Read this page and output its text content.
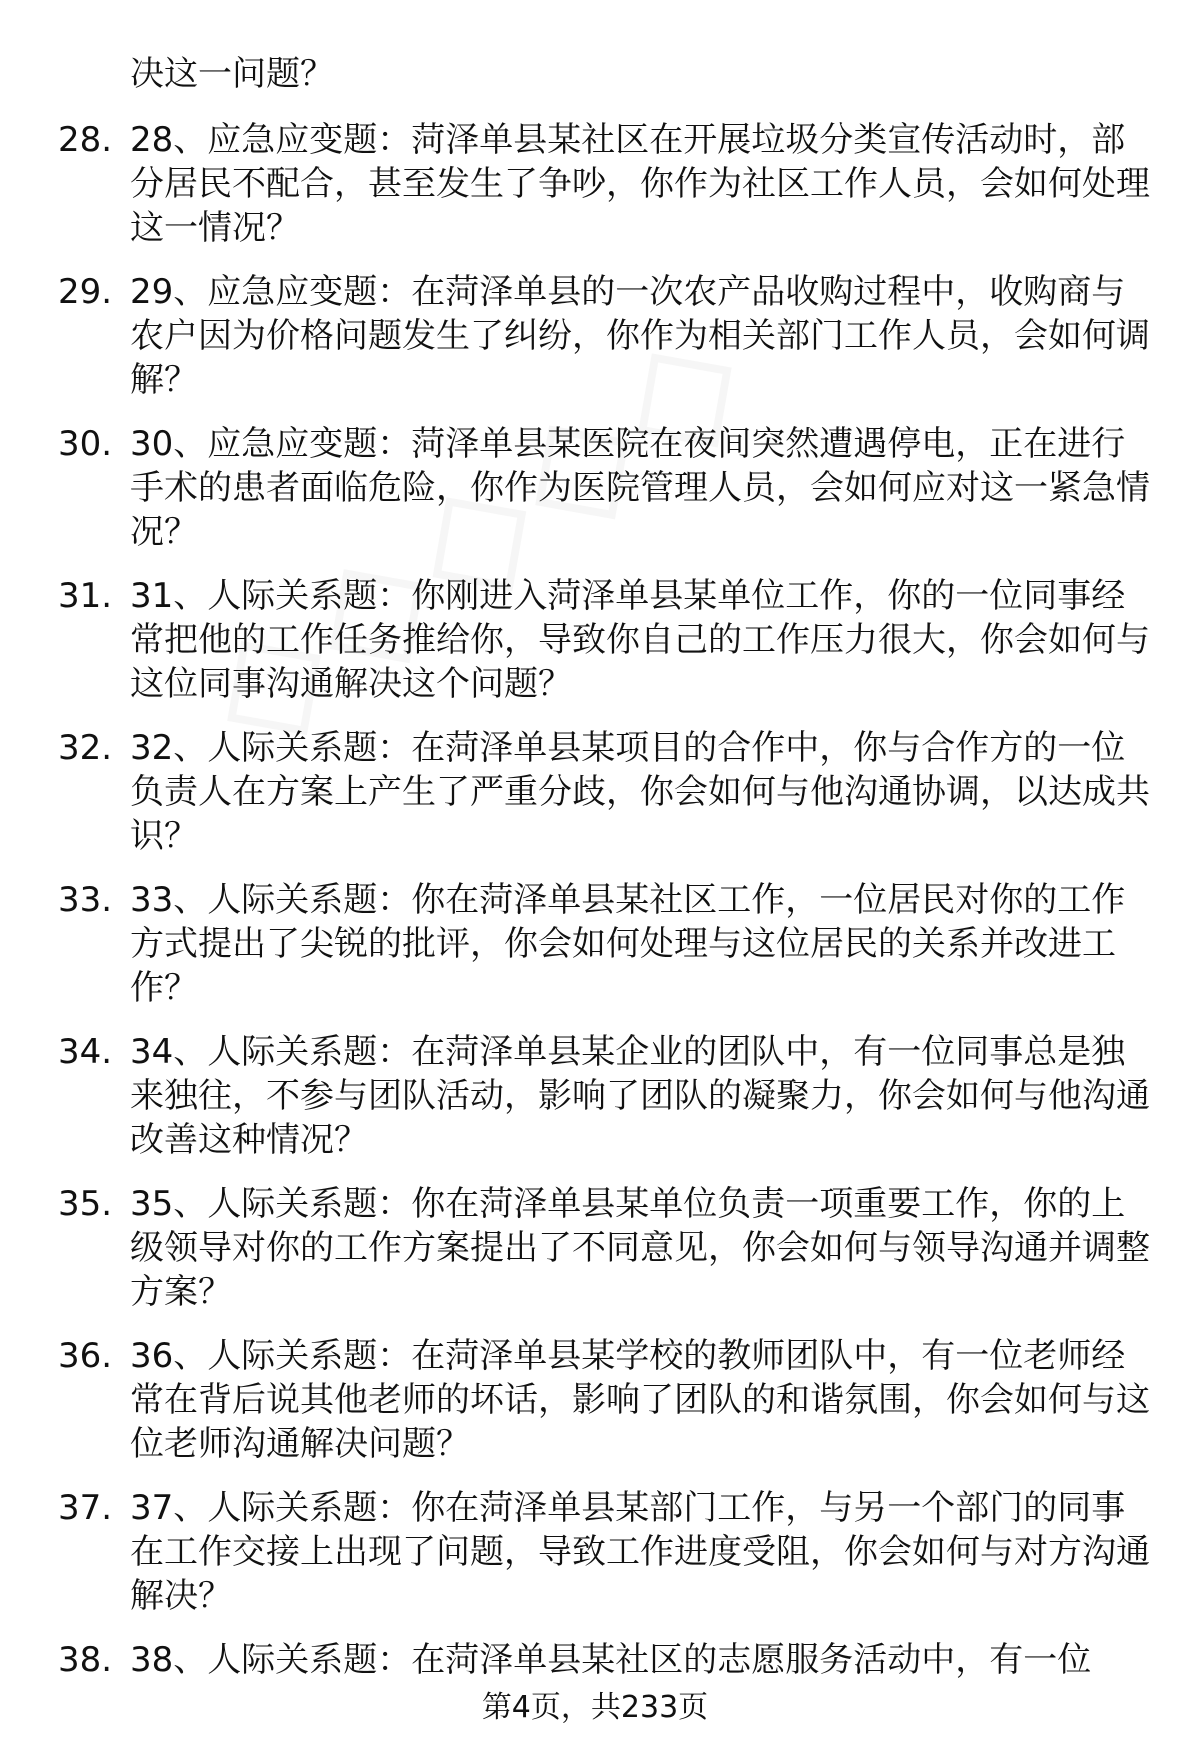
决这一问题？

28. 28、应急应变题：菏泽单县某社区在开展垃圾分类宣传活动时，部分居民不配合，甚至发生了争吵，你作为社区工作人员，会如何处理这一情况？
29. 29、应急应变题：在菏泽单县的一次农产品收购过程中，收购商与农户因为价格问题发生了纠纷，你作为相关部门工作人员，会如何调解？
30. 30、应急应变题：菏泽单县某医院在夜间突然遭遇停电，正在进行手术的患者面临危险，你作为医院管理人员，会如何应对这一紧急情况？
31. 31、人际关系题：你刚进入菏泽单县某单位工作，你的一位同事经常把他的工作任务推给你，导致你自己的工作压力很大，你会如何与这位同事沟通解决这个问题？
32. 32、人际关系题：在菏泽单县某项目的合作中，你与合作方的一位负责人在方案上产生了严重分歧，你会如何与他沟通协调，以达成共识？
33. 33、人际关系题：你在菏泽单县某社区工作，一位居民对你的工作方式提出了尖锐的批评，你会如何处理与这位居民的关系并改进工作？
34. 34、人际关系题：在菏泽单县某企业的团队中，有一位同事总是独来独往，不参与团队活动，影响了团队的凝聚力，你会如何与他沟通改善这种情况？
35. 35、人际关系题：你在菏泽单县某单位负责一项重要工作，你的上级领导对你的工作方案提出了不同意见，你会如何与领导沟通并调整方案？
36. 36、人际关系题：在菏泽单县某学校的教师团队中，有一位老师经常在背后说其他老师的坏话，影响了团队的和谐氛围，你会如何与这位老师沟通解决问题？
37. 37、人际关系题：你在菏泽单县某部门工作，与另一个部门的同事在工作交接上出现了问题，导致工作进度受阻，你会如何与对方沟通解决？
38. 38、人际关系题：在菏泽单县某社区的志愿服务活动中，有一位
第4页，共233页
